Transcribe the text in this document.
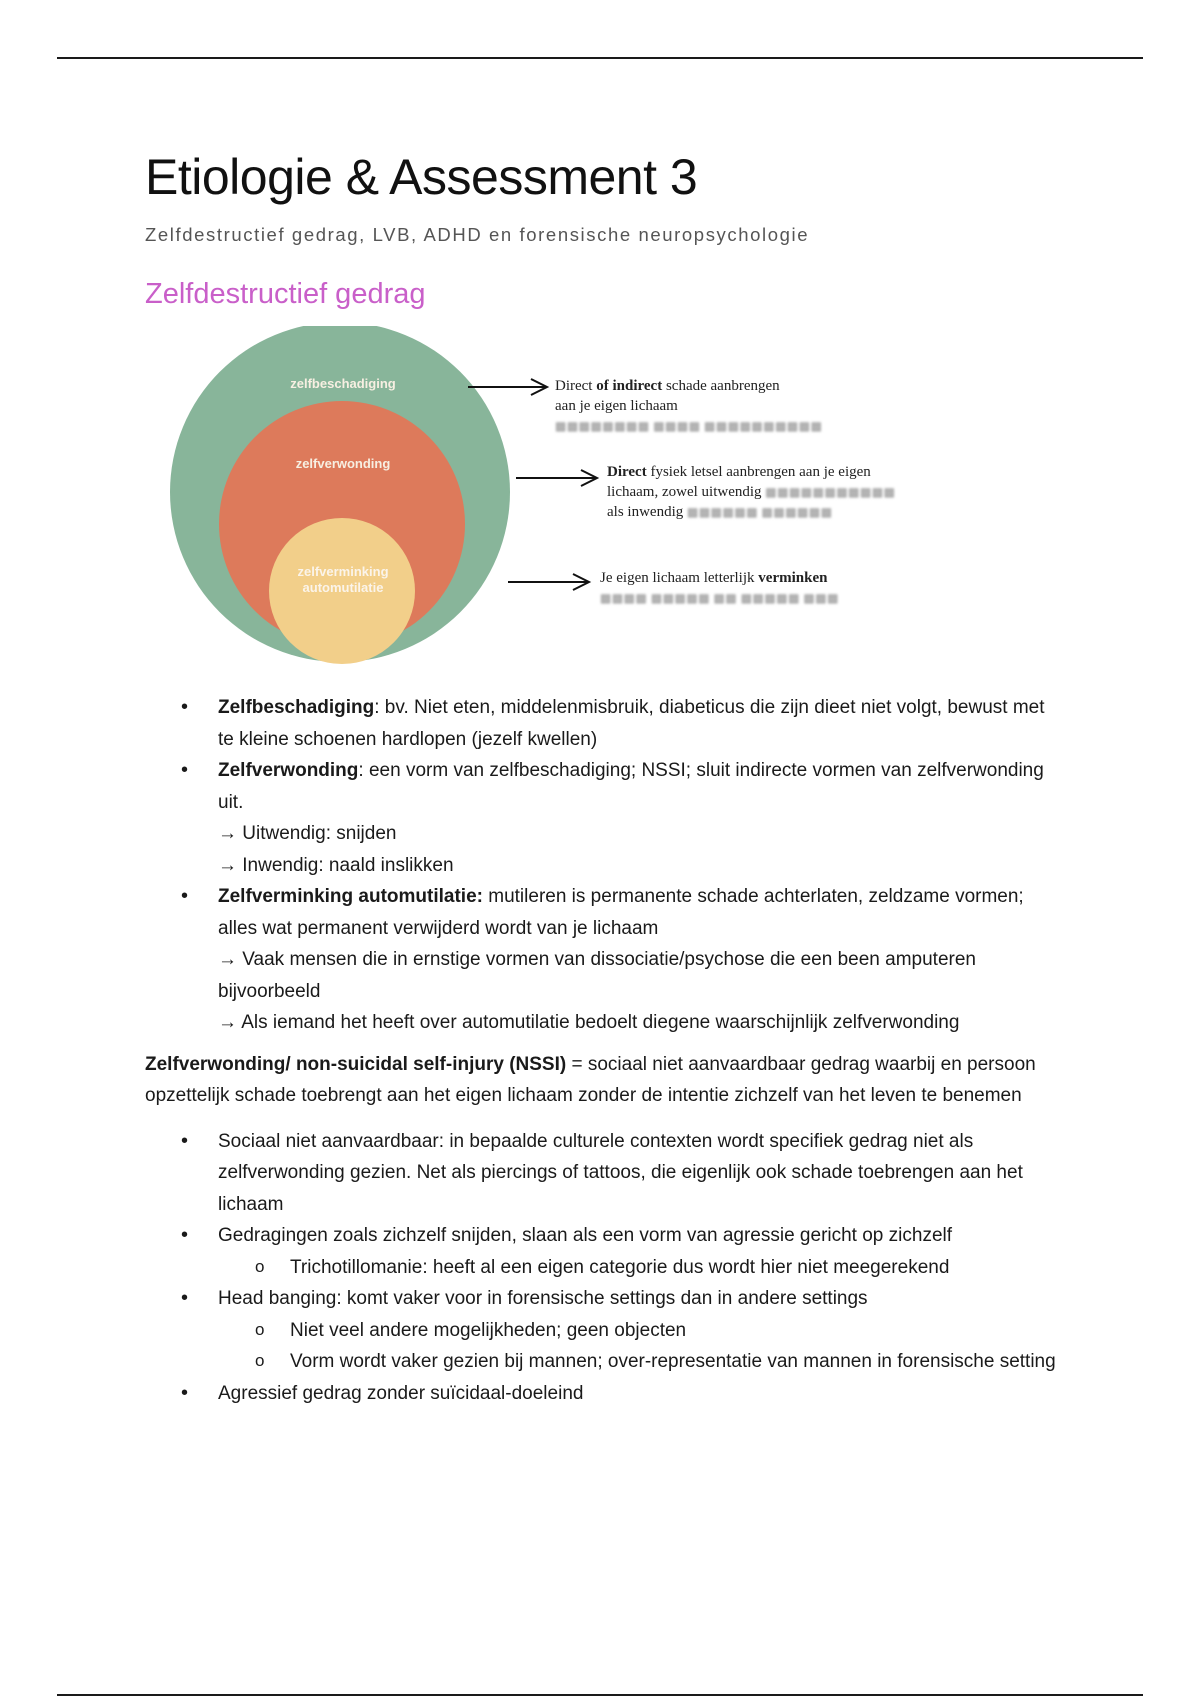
Etiologie & Assessment 3
Zelfdestructief gedrag, LVB, ADHD en forensische neuropsychologie
Zelfdestructief gedrag
zelfbeschadiging
zelfverwonding
zelfverminking
automutilatie
Direct of indirect schade aanbrengen
aan je eigen lichaam
▩▩▩▩▩▩▩▩ ▩▩▩▩ ▩▩▩▩▩▩▩▩▩▩
Direct fysiek letsel aanbrengen aan je eigen
lichaam, zowel uitwendig ▩▩▩▩▩▩▩▩▩▩▩
als inwendig ▩▩▩▩▩▩ ▩▩▩▩▩▩
Je eigen lichaam letterlijk verminken
▩▩▩▩ ▩▩▩▩▩ ▩▩ ▩▩▩▩▩ ▩▩▩
• Zelfbeschadiging: bv. Niet eten, middelenmisbruik, diabeticus die zijn dieet niet volgt, bewust met te kleine schoenen hardlopen (jezelf kwellen)
• Zelfverwonding: een vorm van zelfbeschadiging; NSSI; sluit indirecte vormen van zelfverwonding uit.
→ Uitwendig: snijden
→ Inwendig: naald inslikken
• Zelfverminking automutilatie: mutileren is permanente schade achterlaten, zeldzame vormen; alles wat permanent verwijderd wordt van je lichaam
→ Vaak mensen die in ernstige vormen van dissociatie/psychose die een been amputeren bijvoorbeeld
→ Als iemand het heeft over automutilatie bedoelt diegene waarschijnlijk zelfverwonding

Zelfverwonding/ non-suicidal self-injury (NSSI) = sociaal niet aanvaardbaar gedrag waarbij en persoon opzettelijk schade toebrengt aan het eigen lichaam zonder de intentie zichzelf van het leven te benemen

• Sociaal niet aanvaardbaar: in bepaalde culturele contexten wordt specifiek gedrag niet als zelfverwonding gezien. Net als piercings of tattoos, die eigenlijk ook schade toebrengen aan het lichaam
• Gedragingen zoals zichzelf snijden, slaan als een vorm van agressie gericht op zichzelf
o Trichotillomanie: heeft al een eigen categorie dus wordt hier niet meegerekend
• Head banging: komt vaker voor in forensische settings dan in andere settings
o Niet veel andere mogelijkheden; geen objecten
o Vorm wordt vaker gezien bij mannen; over-representatie van mannen in forensische setting
• Agressief gedrag zonder suïcidaal-doeleind
